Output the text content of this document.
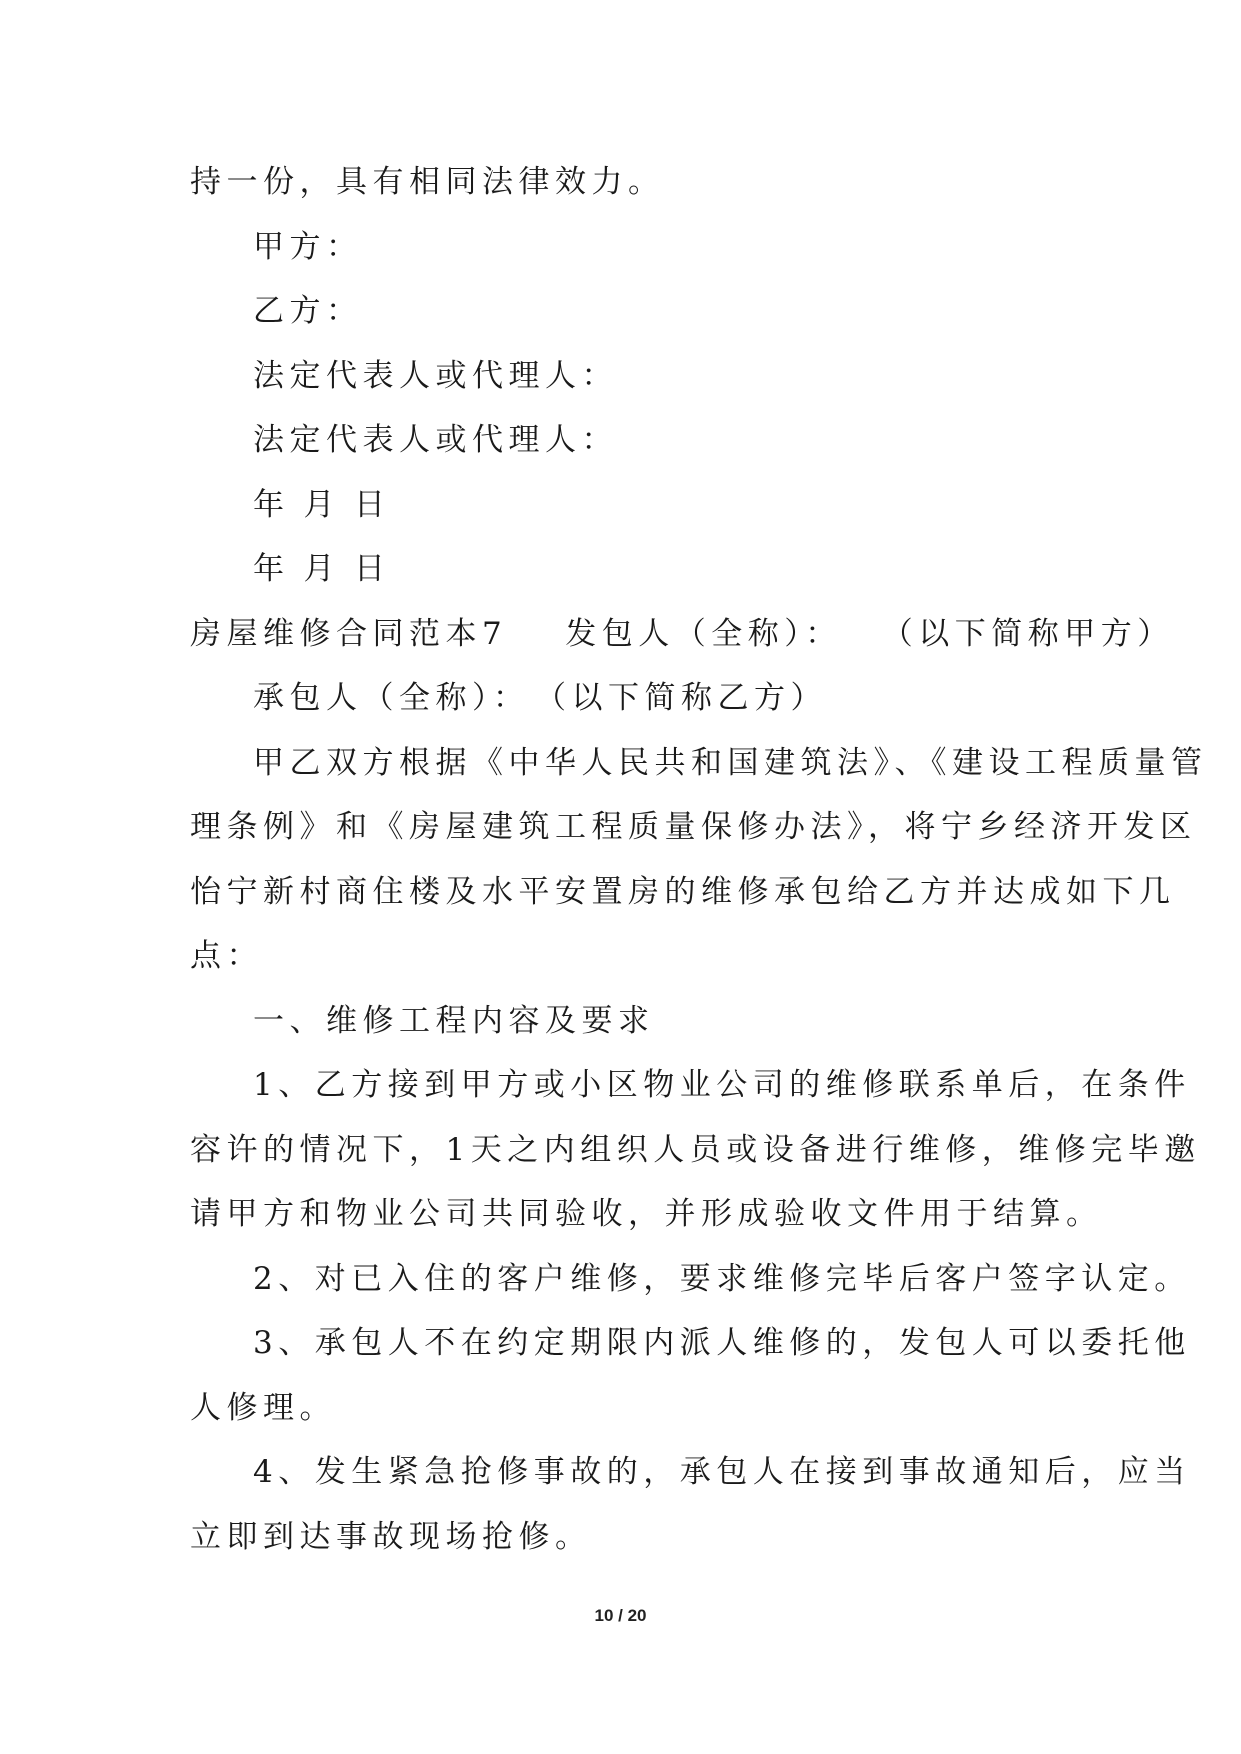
持一份，具有相同法律效力。

甲方：

乙方：

法定代表人或代理人：

法定代表人或代理人：

年 月 日

年 月 日

房屋维修合同范本7 发包人（全称）： （以下简称甲方）

承包人（全称）：　（以下简称乙方）

甲乙双方根据《中华人民共和国建筑法》、《建设工程质量管

理条例》和《房屋建筑工程质量保修办法》，将宁乡经济开发区

怡宁新村商住楼及水平安置房的维修承包给乙方并达成如下几

点：

一、维修工程内容及要求

1、乙方接到甲方或小区物业公司的维修联系单后，在条件

容许的情况下，1天之内组织人员或设备进行维修，维修完毕邀

请甲方和物业公司共同验收，并形成验收文件用于结算。

2、对已入住的客户维修，要求维修完毕后客户签字认定。

3、承包人不在约定期限内派人维修的，发包人可以委托他

人修理。

4、发生紧急抢修事故的，承包人在接到事故通知后，应当

立即到达事故现场抢修。

10 / 20
